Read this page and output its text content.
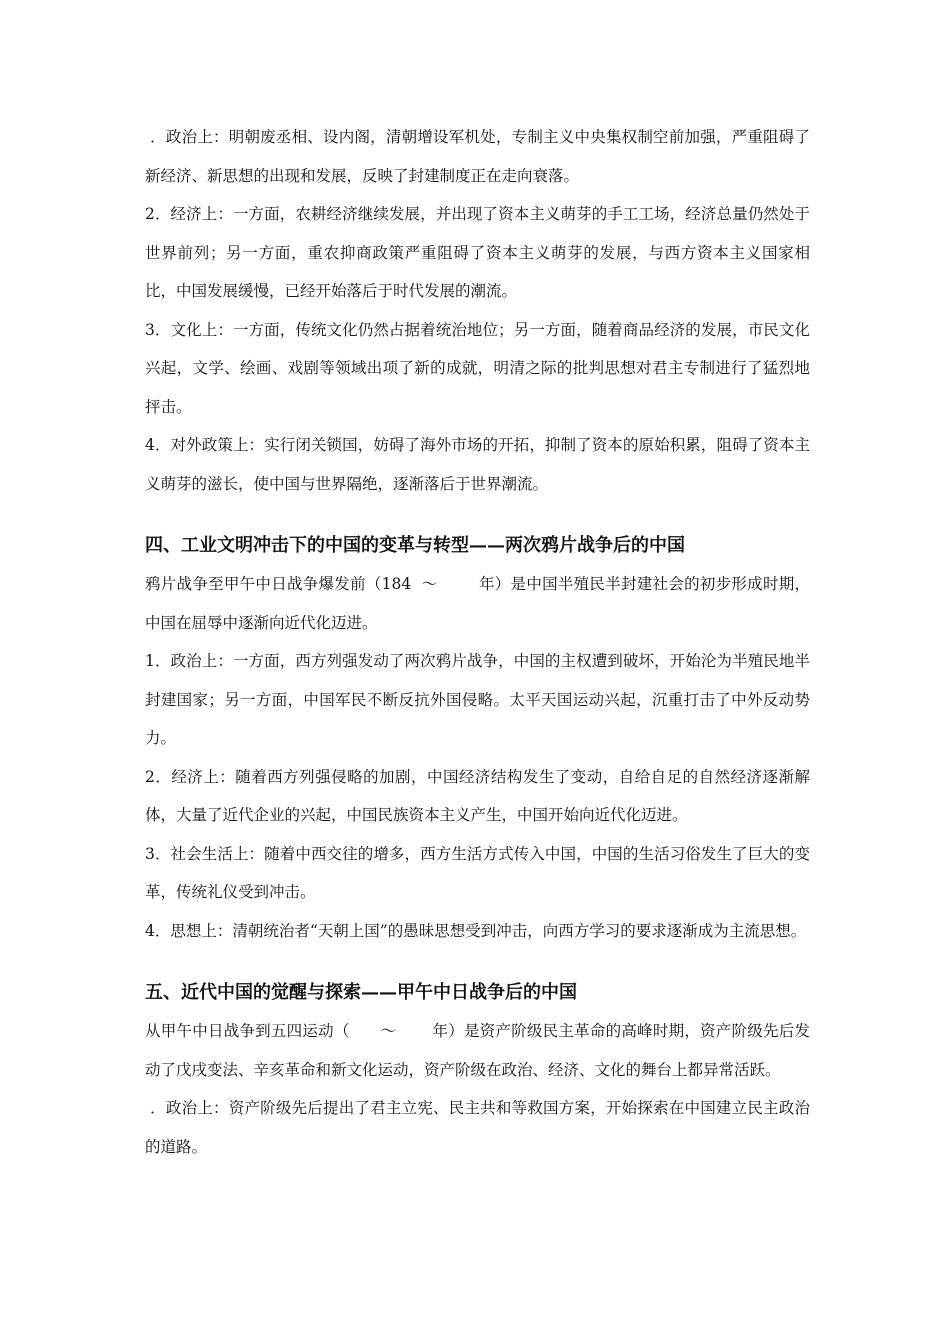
．政治上：明朝废丞相、设内阁，清朝增设军机处，专制主义中央集权制空前加强，严重阻碍了新经济、新思想的出现和发展，反映了封建制度正在走向衰落。

2．经济上：一方面，农耕经济继续发展，并出现了资本主义萌芽的手工工场，经济总量仍然处于世界前列；另一方面，重农抑商政策严重阻碍了资本主义萌芽的发展，与西方资本主义国家相比，中国发展缓慢，已经开始落后于时代发展的潮流。

3．文化上：一方面，传统文化仍然占据着统治地位；另一方面，随着商品经济的发展，市民文化兴起，文学、绘画、戏剧等领域出项了新的成就，明清之际的批判思想对君主专制进行了猛烈地抨击。

4．对外政策上：实行闭关锁国，妨碍了海外市场的开拓，抑制了资本的原始积累，阻碍了资本主义萌芽的滋长，使中国与世界隔绝，逐渐落后于世界潮流。

四、工业文明冲击下的中国的变革与转型——两次鸦片战争后的中国

鸦片战争至甲午中日战争爆发前（184  ～        年）是中国半殖民半封建社会的初步形成时期，中国在屈辱中逐渐向近代化迈进。

1．政治上：一方面，西方列强发动了两次鸦片战争，中国的主权遭到破坏，开始沦为半殖民地半封建国家；另一方面，中国军民不断反抗外国侵略。太平天国运动兴起，沉重打击了中外反动势力。

2．经济上：随着西方列强侵略的加剧，中国经济结构发生了变动，自给自足的自然经济逐渐解体，大量了近代企业的兴起，中国民族资本主义产生，中国开始向近代化迈进。

3．社会生活上：随着中西交往的增多，西方生活方式传入中国，中国的生活习俗发生了巨大的变革，传统礼仪受到冲击。

4．思想上：清朝统治者“天朝上国”的愚昧思想受到冲击，向西方学习的要求逐渐成为主流思想。

五、近代中国的觉醒与探索——甲午中日战争后的中国

从甲午中日战争到五四运动（      ～       年）是资产阶级民主革命的高峰时期，资产阶级先后发动了戊戌变法、辛亥革命和新文化运动，资产阶级在政治、经济、文化的舞台上都异常活跃。

．政治上：资产阶级先后提出了君主立宪、民主共和等救国方案，开始探索在中国建立民主政治的道路。
